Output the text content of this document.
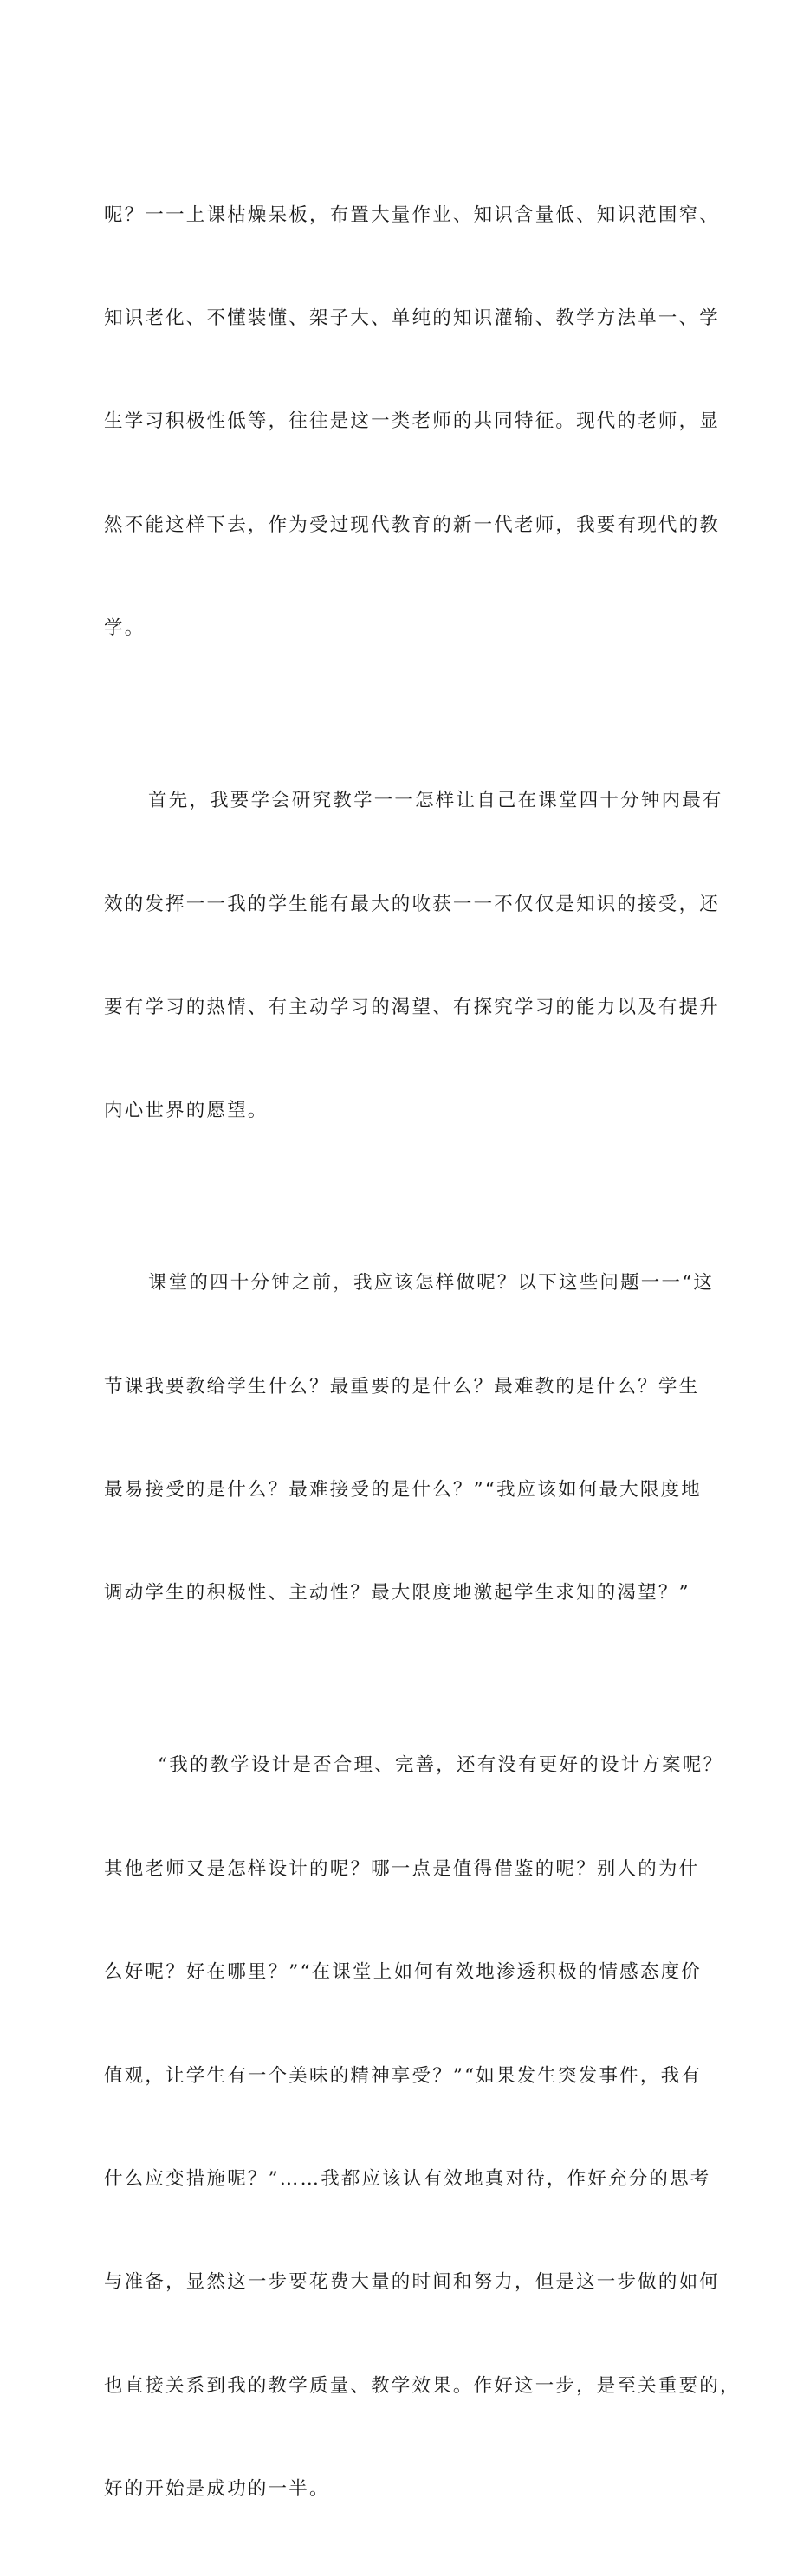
呢？一一上课枯燥呆板，布置大量作业、知识含量低、知识范围窄、

知识老化、不懂装懂、架子大、单纯的知识灌输、教学方法单一、学

生学习积极性低等，往往是这一类老师的共同特征。现代的老师，显

然不能这样下去，作为受过现代教育的新一代老师，我要有现代的教

学。

首先，我要学会研究教学一一怎样让自己在课堂四十分钟内最有

效的发挥一一我的学生能有最大的收获一一不仅仅是知识的接受，还

要有学习的热情、有主动学习的渴望、有探究学习的能力以及有提升

内心世界的愿望。

课堂的四十分钟之前，我应该怎样做呢？以下这些问题一一“这

节课我要教给学生什么？最重要的是什么？最难教的是什么？学生

最易接受的是什么？最难接受的是什么？”“我应该如何最大限度地

调动学生的积极性、主动性？最大限度地激起学生求知的渴望？”

“我的教学设计是否合理、完善，还有没有更好的设计方案呢？

其他老师又是怎样设计的呢？哪一点是值得借鉴的呢？别人的为什

么好呢？好在哪里？”“在课堂上如何有效地渗透积极的情感态度价

值观，让学生有一个美味的精神享受？”“如果发生突发事件，我有

什么应变措施呢？”……我都应该认有效地真对待，作好充分的思考

与准备，显然这一步要花费大量的时间和努力，但是这一步做的如何

也直接关系到我的教学质量、教学效果。作好这一步，是至关重要的，

好的开始是成功的一半。
